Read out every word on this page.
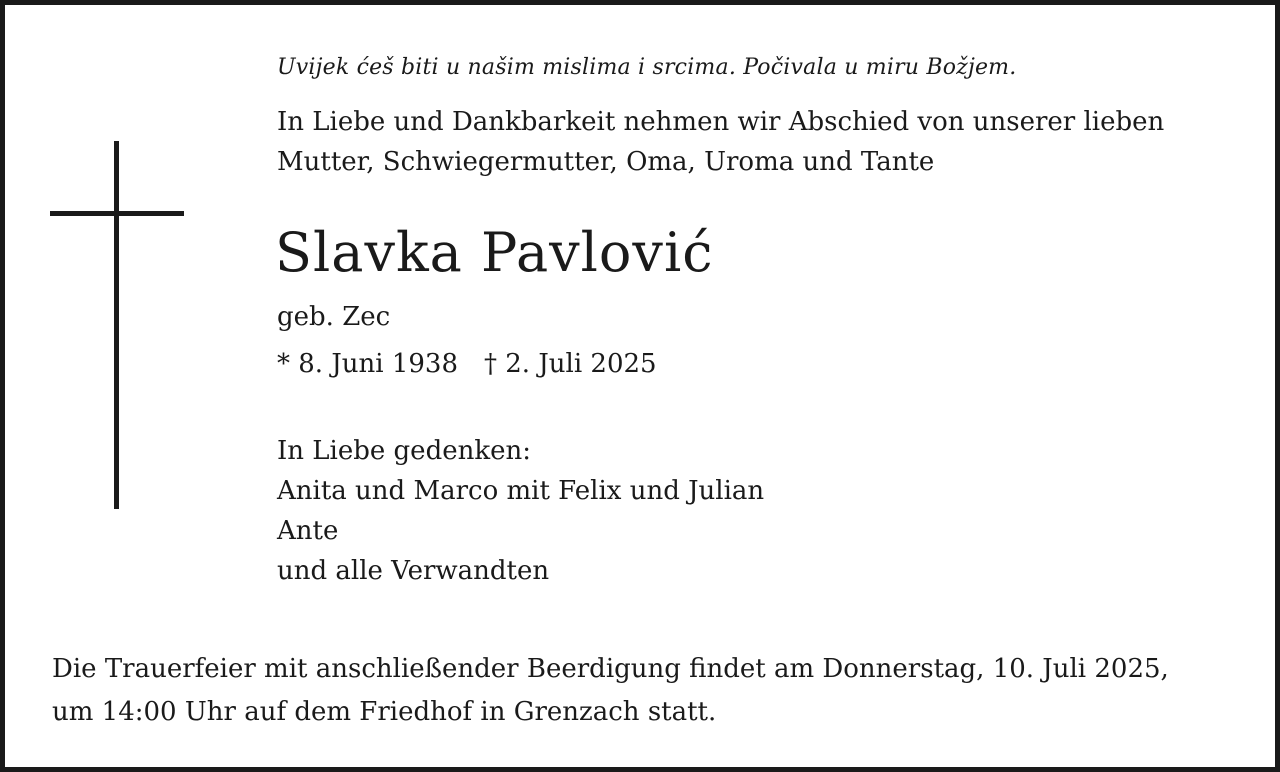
Uvijek ćeš biti u našim mislima i srcima. Počivala u miru Božjem.
In Liebe und Dankbarkeit nehmen wir Abschied von unserer lieben
Mutter, Schwiegermutter, Oma, Uroma und Tante
Slavka Pavlović
geb. Zec
* 8. Juni 1938 † 2. Juli 2025
In Liebe gedenken:
Anita und Marco mit Felix und Julian
Ante
und alle Verwandten
Die Trauerfeier mit anschließender Beerdigung findet am Donnerstag, 10. Juli 2025,
um 14:00 Uhr auf dem Friedhof in Grenzach statt.
